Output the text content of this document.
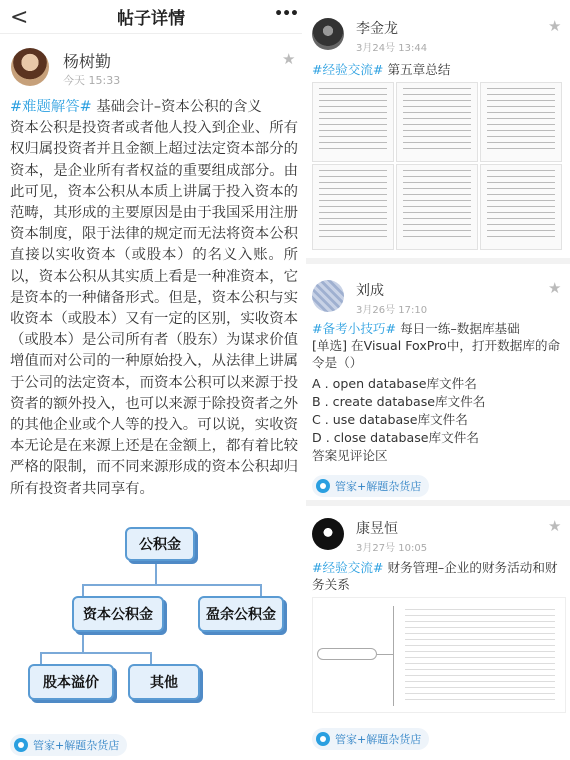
<	帖子详情	•••
杨树勤
今天 15:33
★
#难题解答# 基础会计–资本公积的含义
资本公积是投资者或者他人投入到企业、所有权归属投资者并且金额上超过法定资本部分的资本，是企业所有者权益的重要组成部分。由此可见，资本公积从本质上讲属于投入资本的范畴，其形成的主要原因是由于我国采用注册资本制度，限于法律的规定而无法将资本公积直接以实收资本（或股本）的名义入账。所以，资本公积从其实质上看是一种准资本，它是资本的一种储备形式。但是，资本公积与实收资本（或股本）又有一定的区别，实收资本（或股本）是公司所有者（股东）为谋求价值增值而对公司的一种原始投入，从法律上讲属于公司的法定资本，而资本公积可以来源于投资者的额外投入，也可以来源于除投资者之外的其他企业或个人等的投入。可以说，实收资本无论是在来源上还是在金额上，都有着比较严格的限制，而不同来源形成的资本公积却归所有投资者共同享有。
公积金
资本公积金	盈余公积金
股本溢价	其他
管家+解题杂货店
李金龙
3月24号 13:44
★
#经验交流# 第五章总结
刘成
3月26号 17:10
★
#备考小技巧# 每日一练–数据库基础
[单选] 在Visual FoxPro中，打开数据库的命令是（）
A . open database库文件名
B . create database库文件名
C . use database库文件名
D . close database库文件名
答案见评论区
管家+解题杂货店
康昱恒
3月27号 10:05
★
#经验交流# 财务管理–企业的财务活动和财务关系
管家+解题杂货店
